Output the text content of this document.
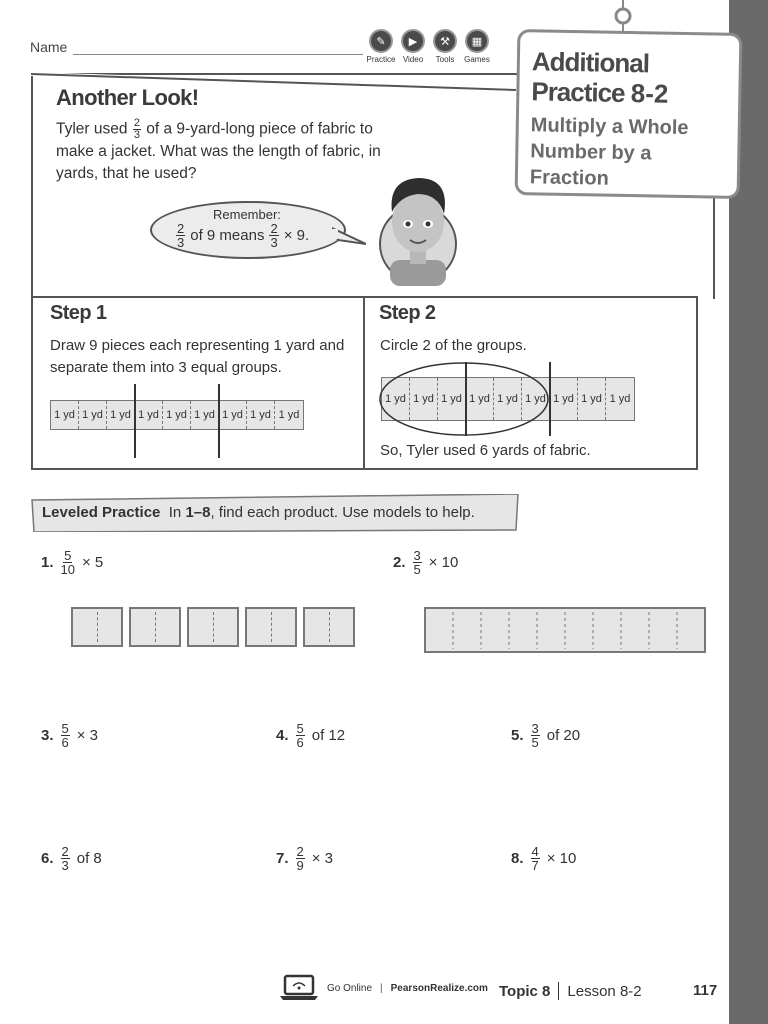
Name	✎
Practice
▶
Video
⚒
Tools
▦
Games
Another Look!
Tyler used $\frac{2}{3}$ of a 9-yard-long piece of fabric to make a jacket. What was the length of fabric, in yards, that he used?
Remember:
$\frac{2}{3}$ of 9 means $\frac{2}{3} \times 9$.
Additional
Practice 8-2
Multiply a Whole
Number by a
Fraction
Step 1
Draw 9 pieces each representing 1 yard and separate them into 3 equal groups.
1 yd 1 yd 1 yd 1 yd 1 yd 1 yd 1 yd 1 yd 1 yd
Step 2
Circle 2 of the groups.
1 yd 1 yd 1 yd 1 yd 1 yd 1 yd 1 yd 1 yd 1 yd
So, Tyler used 6 yards of fabric.
Leveled Practice In 1–8, find each product. Use models to help.
1. $\frac{5}{10} \times 5$	2. $\frac{3}{5} \times 10$
3. $\frac{5}{6} \times 3$	4. $\frac{5}{6}$ of 12	5. $\frac{3}{5}$ of 20
6. $\frac{2}{3}$ of 8	7. $\frac{2}{9} \times 3$	8. $\frac{4}{7} \times 10$
Go Online | PearsonRealize.com Topic 8 Lesson 8-2	117
